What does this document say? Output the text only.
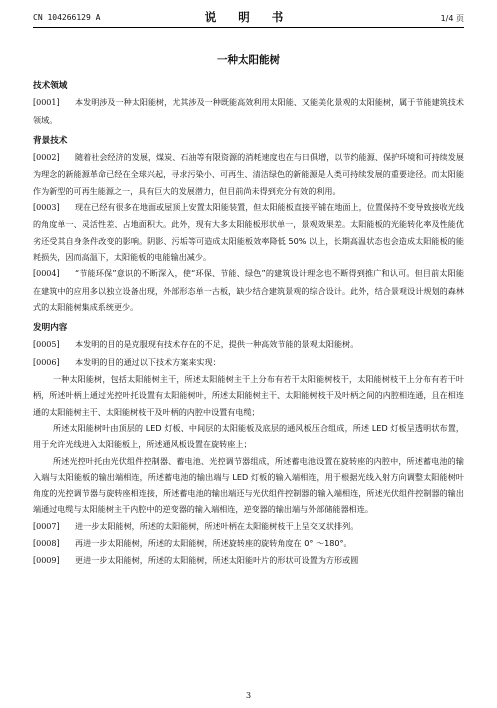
CN 104266129 A	说 明 书	1/4 页
一种太阳能树
技术领域

[0001] 本发明涉及一种太阳能树，尤其涉及一种既能高效利用太阳能、又能美化景观的太阳能树，属于节能建筑技术领域。

背景技术

[0002] 随着社会经济的发展，煤炭、石油等有限资源的消耗速度也在与日俱增，以节约能源、保护环境和可持续发展为理念的新能源革命已经在全球兴起，寻求污染小、可再生、清洁绿色的新能源是人类可持续发展的重要途径。而太阳能作为新型的可再生能源之一，具有巨大的发展潜力，但目前尚未得到充分有效的利用。

[0003] 现在已经有很多在地面或屋顶上安置太阳能装置，但太阳能板直接平铺在地面上，位置保持不变导致接收光线的角度单一、灵活性差、占地面积大。此外，现有大多太阳能板形状单一，景观效果差。太阳能板的光能转化率及性能优劣还受其自身条件改变的影响。阴影、污垢等可造成太阳能板效率降低 50% 以上，长期高温状态也会造成太阳能板的能耗损失，因而高温下，太阳能板的电能输出减少。

[0004] “节能环保”意识的不断深入，使“环保、节能、绿色”的建筑设计理念也不断得到推广和认可。但目前太阳能在建筑中的应用多以独立设备出现，外部形态单一古板，缺少结合建筑景观的综合设计。此外，结合景观设计规划的森林式的太阳能树集成系统更少。

发明内容

[0005] 本发明的目的是克服现有技术存在的不足，提供一种高效节能的景观太阳能树。

[0006] 本发明的目的通过以下技术方案来实现：

一种太阳能树，包括太阳能树主干，所述太阳能树主干上分布有若干太阳能树枝干，太阳能树枝干上分布有若干叶柄，所述叶柄上通过光控叶托设置有太阳能树叶，所述太阳能树主干、太阳能树枝干及叶柄之间的内腔相连通，且在相连通的太阳能树主干、太阳能树枝干及叶柄的内腔中设置有电缆；

所述太阳能树叶由顶层的 LED 灯板、中间层的太阳能板及底层的通风板压合组成，所述 LED 灯板呈透明状布置，用于允许光线进入太阳能板上，所述通风板设置在旋转座上；

所述光控叶托由光伏组件控制器、蓄电池、光控调节器组成，所述蓄电池设置在旋转座的内腔中，所述蓄电池的输入端与太阳能板的输出端相连，所述蓄电池的输出端与 LED 灯板的输入端相连，用于根据光线入射方向调整太阳能树叶角度的光控调节器与旋转座相连接，所述蓄电池的输出端还与光伏组件控制器的输入端相连，所述光伏组件控制器的输出端通过电缆与太阳能树主干内腔中的逆变器的输入端相连，逆变器的输出端与外部储能器相连。

[0007] 进一步太阳能树，所述的太阳能树，所述叶柄在太阳能树枝干上呈交叉状排列。

[0008] 再进一步太阳能树，所述的太阳能树，所述旋转座的旋转角度在 0° ～180°。

[0009] 更进一步太阳能树，所述的太阳能树，所述太阳能叶片的形状可设置为方形或圆

3
